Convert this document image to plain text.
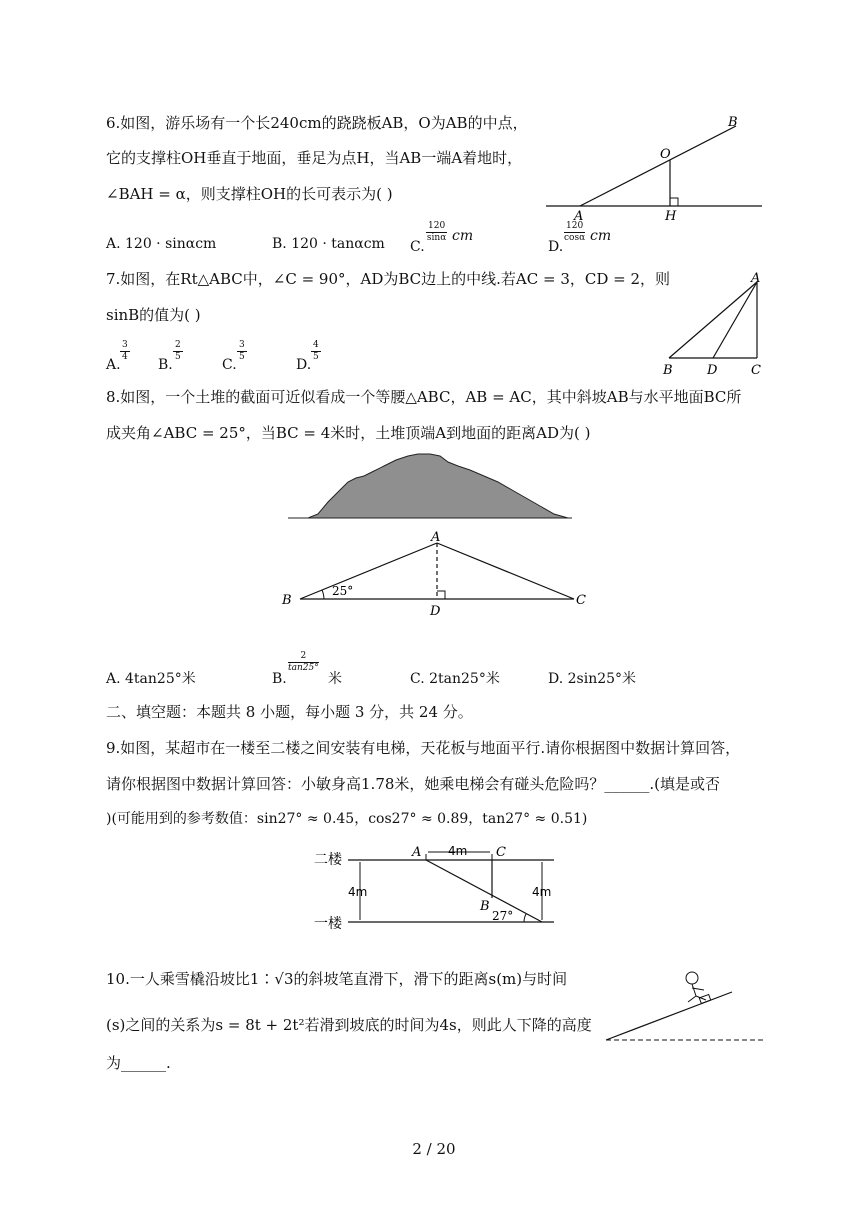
6.如图，游乐场有一个长240cm的跷跷板AB，O为AB的中点，
它的支撑柱OH垂直于地面，垂足为点H，当AB一端A着地时，
∠BAH = α，则支撑柱OH的长可表示为( )
A
B
O
H
A. 120 · sinαcm	B. 120 · tanαcm C.
120
sinα cm
D.
120
cosα cm
7.如图，在Rt△ABC中，∠C = 90°，AD为BC边上的中线.若AC = 3，CD = 2，则
sinB的值为( )
A
B	D	C
A.
3
4 B.
2
5	C.
3
5	D.
4
5
8.如图，一个土堆的截面可近似看成一个等腰△ABC，AB = AC，其中斜坡AB与水平地面BC所
成夹角∠ABC = 25°，当BC = 4米时，土堆顶端A到地面的距离AD为( )
A
B	C
D
25°
A. 4tan25°米	B.
2
tan25°
米	C. 2tan25°米	D. 2sin25°米
二、填空题：本题共 8 小题，每小题 3 分，共 24 分。
9.如图，某超市在一楼至二楼之间安装有电梯，天花板与地面平行.请你根据图中数据计算回答，
请你根据图中数据计算回答：小敏身高1.78米，她乘电梯会有碰头危险吗？______.(填是或否
)(可能用到的参考数值：sin27° ≈ 0.45，cos27° ≈ 0.89，tan27° ≈ 0.51)
二楼
一楼
A	C
B
4m
4m	4m
27°
10.一人乘雪橇沿坡比1∶√3的斜坡笔直滑下，滑下的距离s(m)与时间
(s)之间的关系为s = 8t + 2t²若滑到坡底的时间为4s，则此人下降的高度
为______.
2 / 20
